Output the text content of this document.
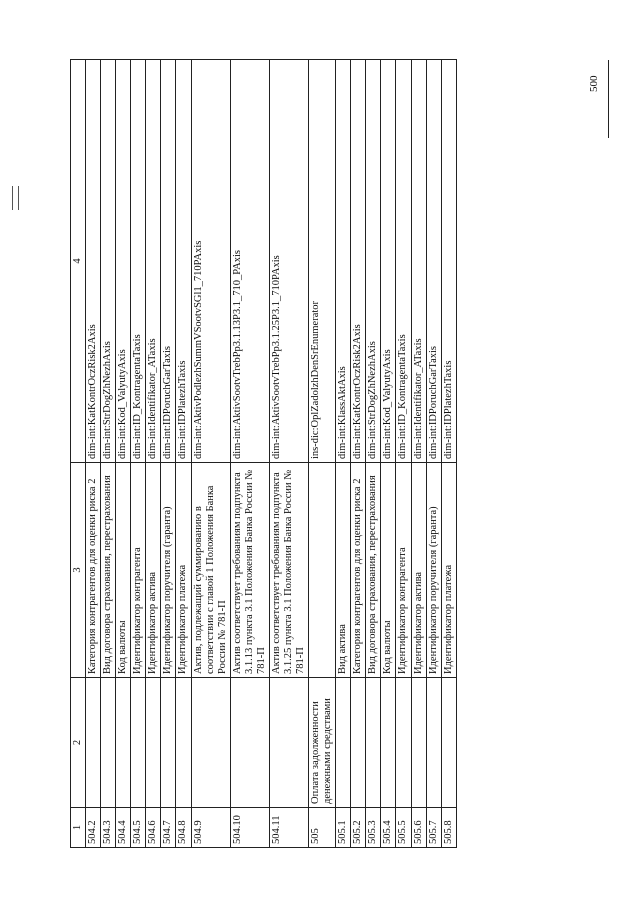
500
1	2	3	4
504.2		Категория контрагентов для оценки риска 2	dim-int:KatKontrOczRisk2Axis
504.3		Вид договора страхования, перестрахования	dim-int:StrDogZhNezhAxis
504.4		Код валюты	dim-int:Kod_ValyutyAxis
504.5		Идентификатор контрагента	dim-int:ID_KontragentaTaxis
504.6		Идентификатор актива	dim-int:Identifikator_ATaxis
504.7		Идентификатор поручителя (гаранта)	dim-int:IDPoruchGarTaxis
504.8		Идентификатор платежа	dim-int:IDPlatezhTaxis
504.9		Актив, подлежащий суммированию в соответствии с главой 1 Положения Банка России № 781-П	dim-int:AktivPodlezhSummVSootvSGl1_710PAxis
504.10		Актив соответствует требованиям подпункта 3.1.13 пункта 3.1 Положения Банка России № 781-П	dim-int:AktivSootvTrebPp3.1.13P3.1_710_PAxis
504.11		Актив соответствует требованиям подпункта 3.1.25 пункта 3.1 Положения Банка России № 781-П	dim-int:AktivSootvTrebPp3.1.25P3.1_710PAxis
505	Оплата задолженности денежными средствами		ins-dic:OplZadolzhDenSrEnumerator
505.1		Вид актива	dim-int:KlassAktAxis
505.2		Категория контрагентов для оценки риска 2	dim-int:KatKontrOczRisk2Axis
505.3		Вид договора страхования, перестрахования	dim-int:StrDogZhNezhAxis
505.4		Код валюты	dim-int:Kod_ValyutyAxis
505.5		Идентификатор контрагента	dim-int:ID_KontragentaTaxis
505.6		Идентификатор актива	dim-int:Identifikator_ATaxis
505.7		Идентификатор поручителя (гаранта)	dim-int:IDPoruchGarTaxis
505.8		Идентификатор платежа	dim-int:IDPlatezhTaxis
